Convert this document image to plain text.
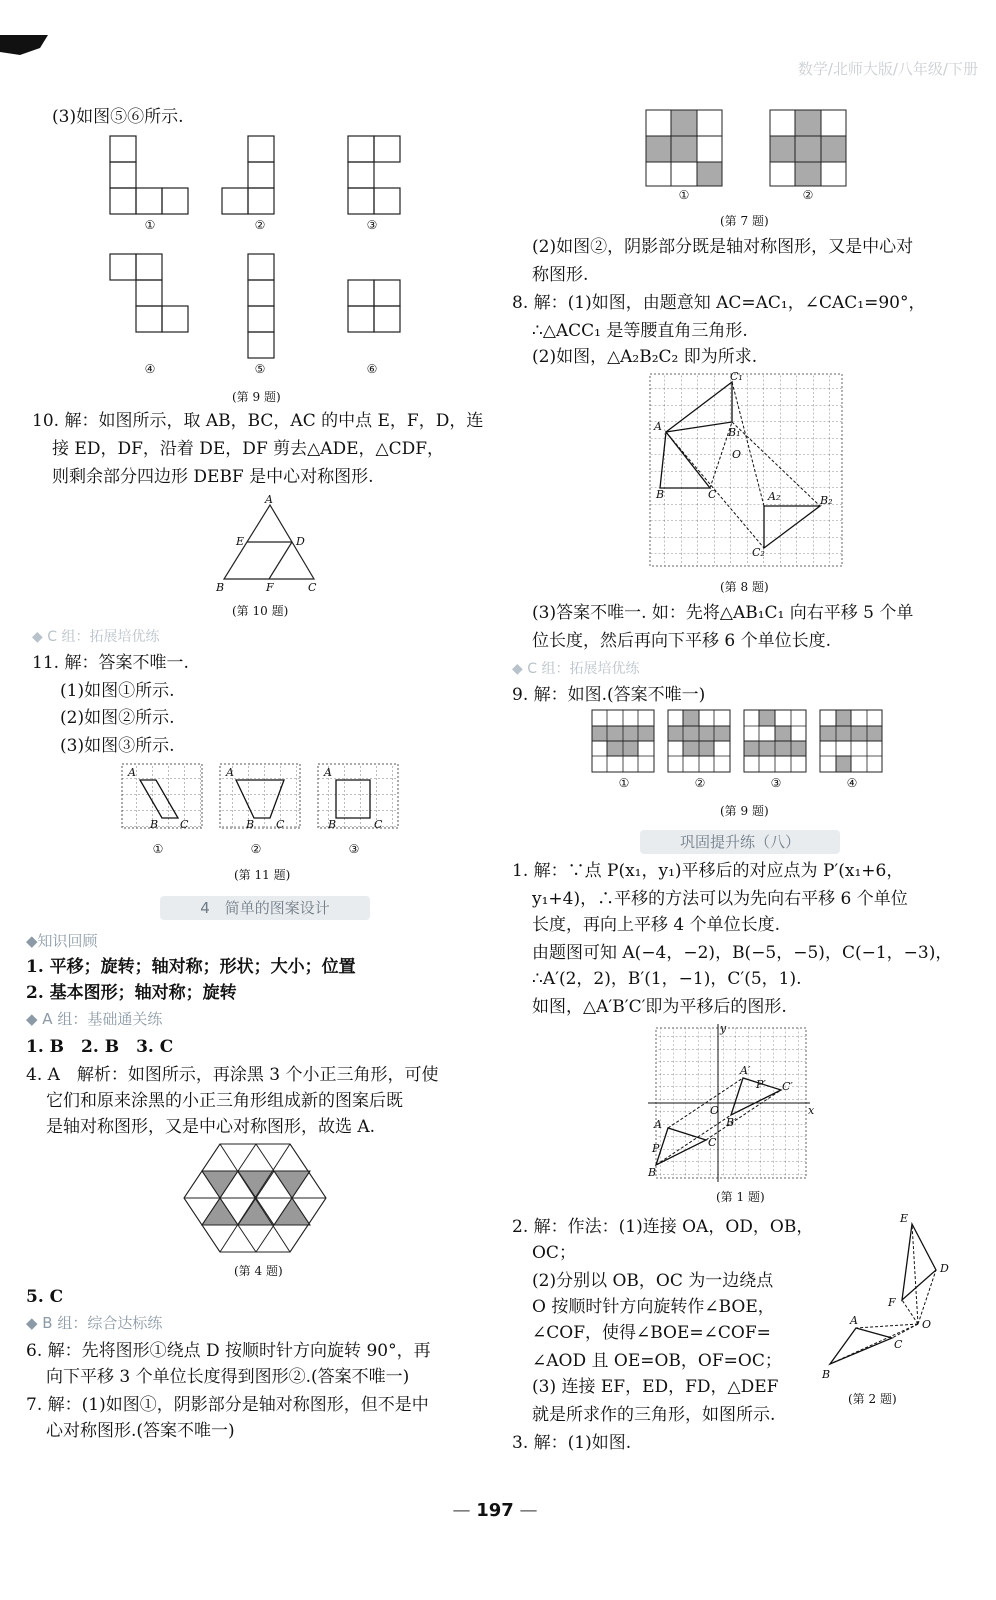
数学/北师大版/八年级/下册
(3)如图⑤⑥所示.
①	②	③
④	⑤	⑥
(第 9 题)
10. 解：如图所示，取 AB，BC，AC 的中点 E，F，D，连
接 ED，DF，沿着 DE，DF 剪去△ADE，△CDF，
则剩余部分四边形 DEBF 是中心对称图形.
A
E	D
B	F	C
(第 10 题)
◆ C 组：拓展培优练
11. 解：答案不唯一.
(1)如图①所示.
(2)如图②所示.
(3)如图③所示.
A
B C
A
B C
A
B	C
①	②	③
(第 11 题)
4　简单的图案设计
◆知识回顾
1. 平移；旋转；轴对称；形状；大小；位置
2. 基本图形；轴对称；旋转
◆ A 组：基础通关练
1. B　2. B　3. C
4. A　解析：如图所示，再涂黑 3 个小正三角形，可使
它们和原来涂黑的小正三角形组成新的图案后既
是轴对称图形，又是中心对称图形，故选 A.
(第 4 题)
5. C
◆ B 组：综合达标练
6. 解：先将图形①绕点 D 按顺时针方向旋转 90°，再
向下平移 3 个单位长度得到图形②.(答案不唯一)
7. 解：(1)如图①，阴影部分是轴对称图形，但不是中
心对称图形.(答案不唯一)
①	②
(第 7 题)
(2)如图②，阴影部分既是轴对称图形，又是中心对
称图形.
8. 解：(1)如图，由题意知 AC=AC₁，∠CAC₁=90°，
∴△ACC₁ 是等腰直角三角形.
(2)如图，△A₂B₂C₂ 即为所求.
C₁
A	B₁
O
B	C	A₂	B₂
C₂
(第 8 题)
(3)答案不唯一. 如：先将△AB₁C₁ 向右平移 5 个单
位长度，然后再向下平移 6 个单位长度.
◆ C 组：拓展培优练
9. 解：如图.(答案不唯一)
①	②	③	④
(第 9 题)
巩固提升练（八）
1. 解：∵点 P(x₁，y₁)平移后的对应点为 P′(x₁+6，
y₁+4)，∴平移的方法可以为先向右平移 6 个单位
长度，再向上平移 4 个单位长度.
由题图可知 A(−4，−2)，B(−5，−5)，C(−1，−3)，
∴A′(2，2)，B′(1，−1)，C′(5，1).
如图，△A′B′C′即为平移后的图形.
y
x
O
A′
P′ C′
B′
A
P
B
C
(第 1 题)
2. 解：作法：(1)连接 OA，OD，OB，
OC；
(2)分别以 OB，OC 为一边绕点
O 按顺时针方向旋转作∠BOE，
∠COF，使得∠BOE=∠COF=
∠AOD 且 OE=OB，OF=OC；
(3) 连接 EF，ED，FD，△DEF
就是所求作的三角形，如图所示.
E
D
F
O
A
C
B
(第 2 题)
3. 解：(1)如图.
— 197 —
